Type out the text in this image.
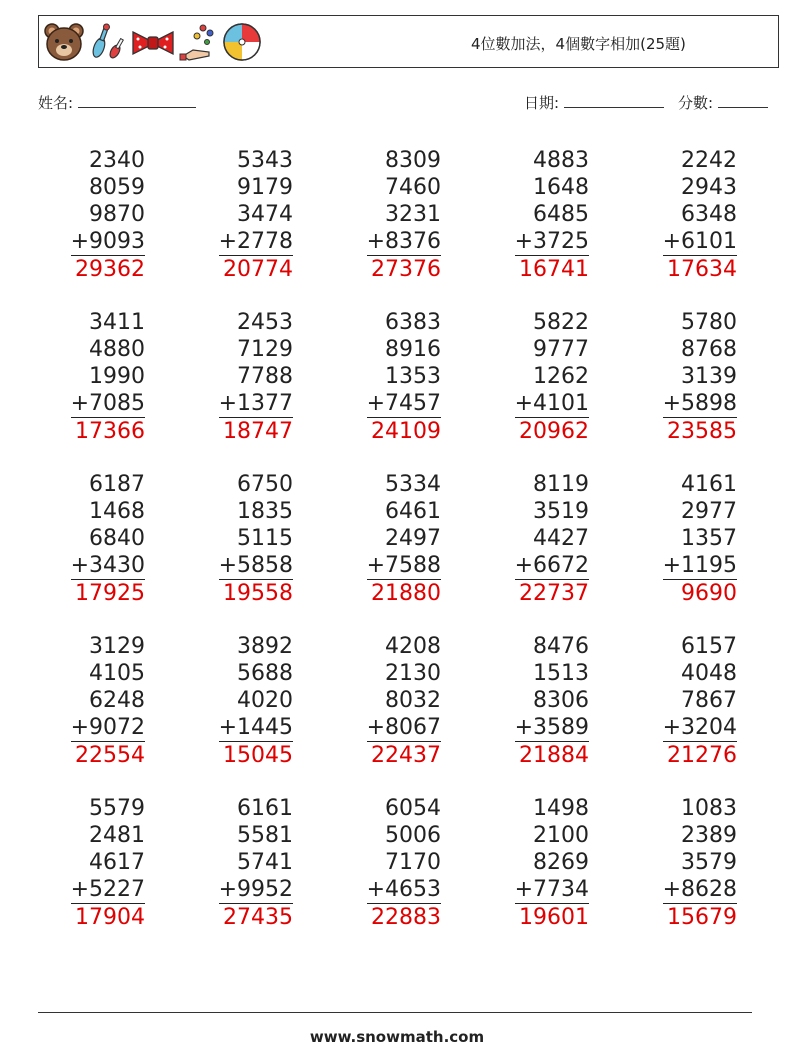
4位數加法，4個數字相加(25題)
姓名:	日期:	分數:
2340
8059
9870
+9093
29362
5343
9179
3474
+2778
20774
8309
7460
3231
+8376
27376
4883
1648
6485
+3725
16741
2242
2943
6348
+6101
17634
3411
4880
1990
+7085
17366
2453
7129
7788
+1377
18747
6383
8916
1353
+7457
24109
5822
9777
1262
+4101
20962
5780
8768
3139
+5898
23585
6187
1468
6840
+3430
17925
6750
1835
5115
+5858
19558
5334
6461
2497
+7588
21880
8119
3519
4427
+6672
22737
4161
2977
1357
+1195
9690
3129
4105
6248
+9072
22554
3892
5688
4020
+1445
15045
4208
2130
8032
+8067
22437
8476
1513
8306
+3589
21884
6157
4048
7867
+3204
21276
5579
2481
4617
+5227
17904
6161
5581
5741
+9952
27435
6054
5006
7170
+4653
22883
1498
2100
8269
+7734
19601
1083
2389
3579
+8628
15679
www.snowmath.com
